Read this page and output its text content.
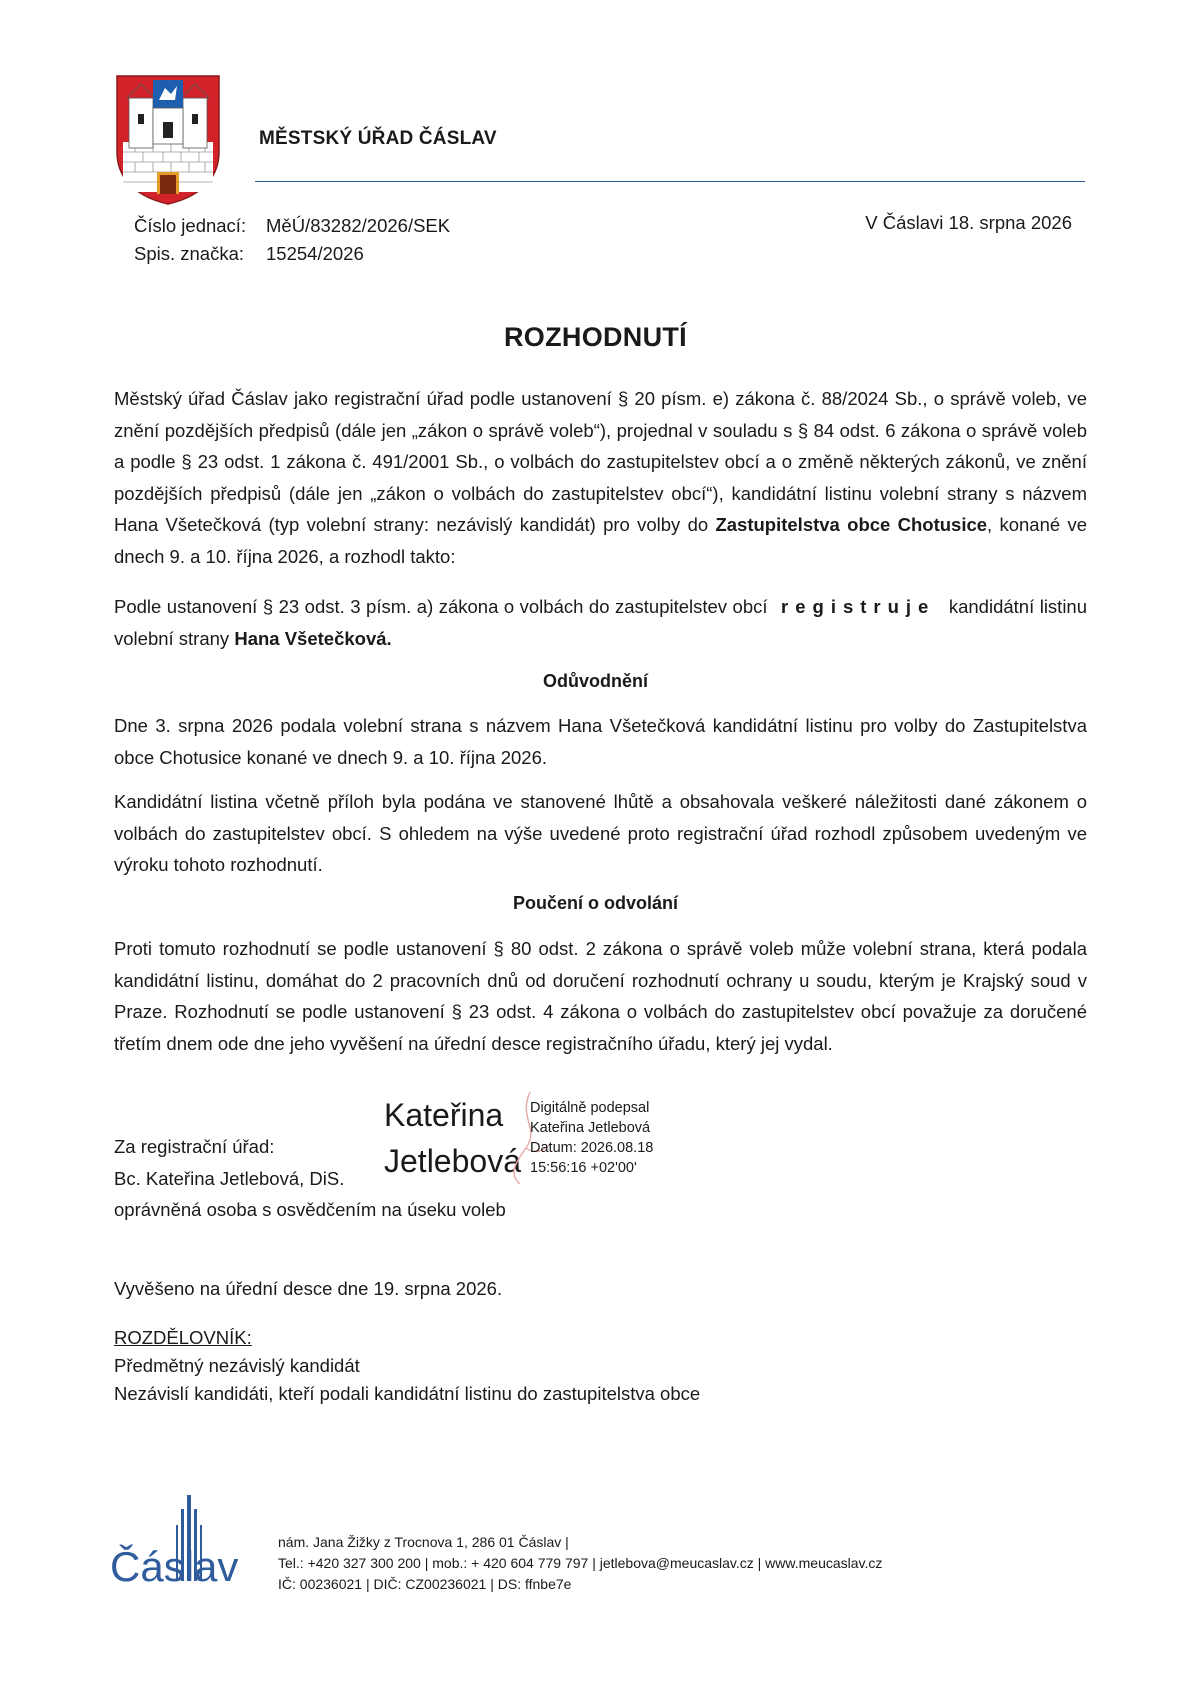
MĚSTSKÝ ÚŘAD ČÁSLAV
Číslo jednací: MěÚ/83282/2026/SEK
Spis. značka: 15254/2026
V Čáslavi 18. srpna 2026
ROZHODNUTÍ
Městský úřad Čáslav jako registrační úřad podle ustanovení § 20 písm. e) zákona č. 88/2024 Sb., o správě voleb, ve znění pozdějších předpisů (dále jen „zákon o správě voleb“), projednal v souladu s § 84 odst. 6 zákona o správě voleb a podle § 23 odst. 1 zákona č. 491/2001 Sb., o volbách do zastupitelstev obcí a o změně některých zákonů, ve znění pozdějších předpisů (dále jen „zákon o volbách do zastupitelstev obcí“), kandidátní listinu volební strany s názvem Hana Všetečková (typ volební strany: nezávislý kandidát) pro volby do Zastupitelstva obce Chotusice, konané ve dnech 9. a 10. října 2026, a rozhodl takto:
Podle ustanovení § 23 odst. 3 písm. a) zákona o volbách do zastupitelstev obcí registruje kandidátní listinu volební strany Hana Všetečková.
Odůvodnění
Dne 3. srpna 2026 podala volební strana s názvem Hana Všetečková kandidátní listinu pro volby do Zastupitelstva obce Chotusice konané ve dnech 9. a 10. října 2026.
Kandidátní listina včetně příloh byla podána ve stanovené lhůtě a obsahovala veškeré náležitosti dané zákonem o volbách do zastupitelstev obcí. S ohledem na výše uvedené proto registrační úřad rozhodl způsobem uvedeným ve výroku tohoto rozhodnutí.
Poučení o odvolání
Proti tomuto rozhodnutí se podle ustanovení § 80 odst. 2 zákona o správě voleb může volební strana, která podala kandidátní listinu, domáhat do 2 pracovních dnů od doručení rozhodnutí ochrany u soudu, kterým je Krajský soud v Praze. Rozhodnutí se podle ustanovení § 23 odst. 4 zákona o volbách do zastupitelstev obcí považuje za doručené třetím dnem ode dne jeho vyvěšení na úřední desce registračního úřadu, který jej vydal.
Za registrační úřad:
Bc. Kateřina Jetlebová, DiS.
oprávněná osoba s osvědčením na úseku voleb
Kateřina
Jetlebová
Digitálně podepsal
Kateřina Jetlebová
Datum: 2026.08.18
15:56:16 +02'00'
Vyvěšeno na úřední desce dne 19. srpna 2026.
ROZDĚLOVNÍK:
Předmětný nezávislý kandidát
Nezávislí kandidáti, kteří podali kandidátní listinu do zastupitelstva obce
Čáslav
nám. Jana Žižky z Trocnova 1, 286 01 Čáslav |
Tel.: +420 327 300 200 | mob.: + 420 604 779 797 | jetlebova@meucaslav.cz | www.meucaslav.cz
IČ: 00236021 | DIČ: CZ00236021 | DS: ffnbe7e
